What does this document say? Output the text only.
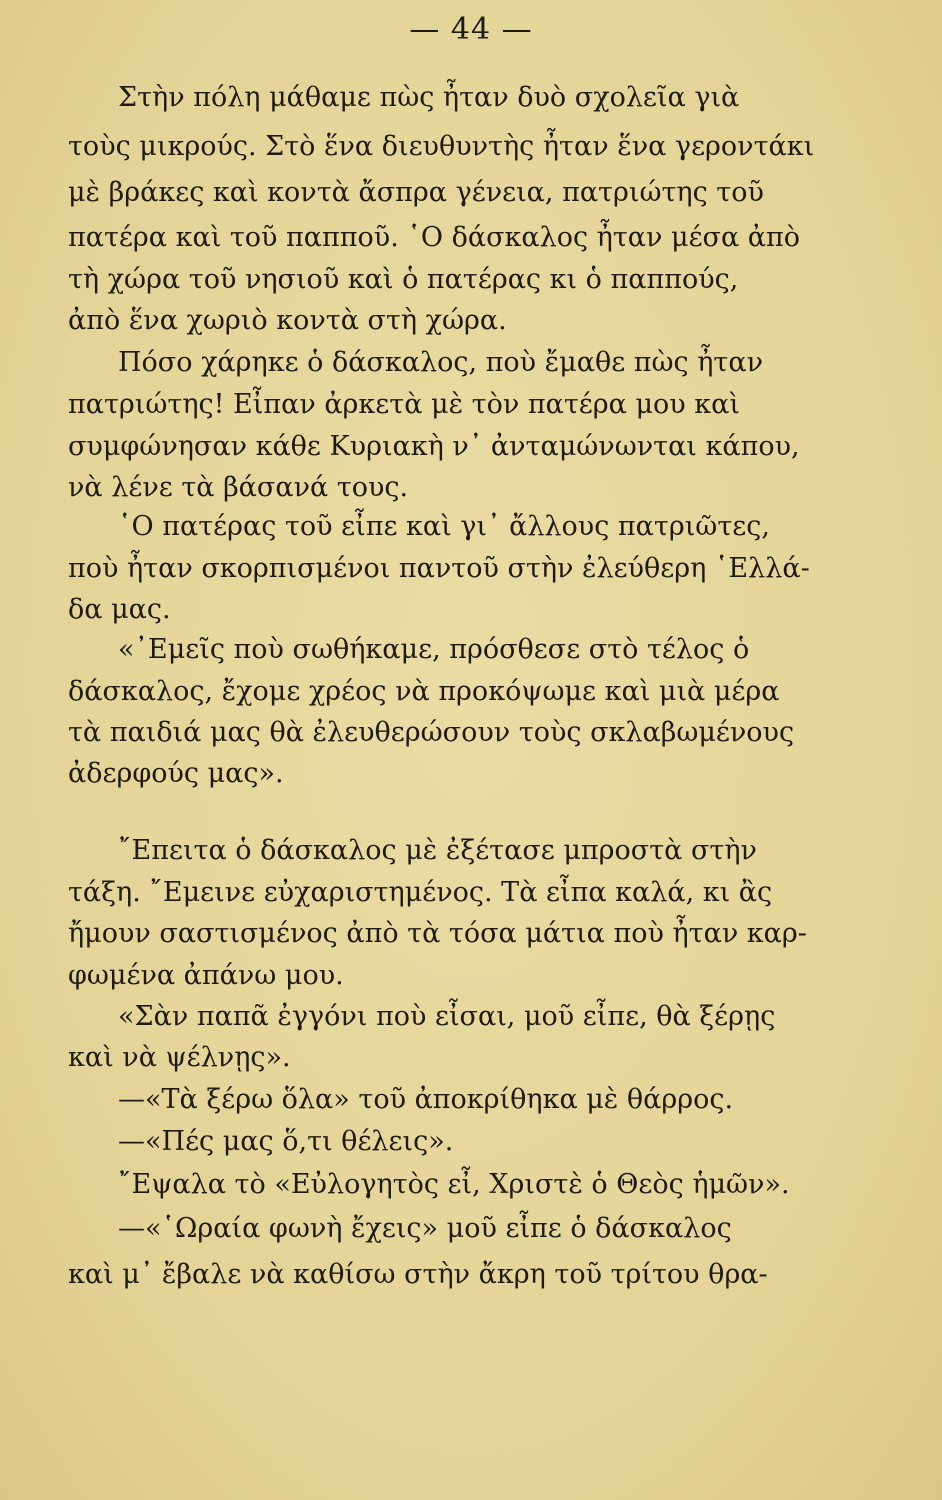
— 44 —

Στὴν πόλη μάθαμε πὼς ἦταν δυὸ σχολεῖα γιὰ

τοὺς μικρούς. Στὸ ἕνα διευθυντὴς ἦταν ἕνα γεροντάκι

μὲ βράκες καὶ κοντὰ ἄσπρα γένεια, πατριώτης τοῦ

πατέρα καὶ τοῦ παπποῦ. ῾Ο δάσκαλος ἦταν μέσα ἀπὸ

τὴ χώρα τοῦ νησιοῦ καὶ ὁ πατέρας κι ὁ παππούς,

ἀπὸ ἕνα χωριὸ κοντὰ στὴ χώρα.

Πόσο χάρηκε ὁ δάσκαλος, ποὺ ἔμαθε πὼς ἦταν

πατριώτης! Εἶπαν ἀρκετὰ μὲ τὸν πατέρα μου καὶ

συμφώνησαν κάθε Κυριακὴ ν᾿ ἀνταμώνωνται κάπου,

νὰ λένε τὰ βάσανά τους.

῾Ο πατέρας τοῦ εἶπε καὶ γι᾿ ἄλλους πατριῶτες,

ποὺ ἦταν σκορπισμένοι παντοῦ στὴν ἐλεύθερη ῾Ελλά-

δα μας.

«᾿Εμεῖς ποὺ σωθήκαμε, πρόσθεσε στὸ τέλος ὁ

δάσκαλος, ἔχομε χρέος νὰ προκόψωμε καὶ μιὰ μέρα

τὰ παιδιά μας θὰ ἐλευθερώσουν τοὺς σκλαβωμένους

ἀδερφούς μας».

῎Επειτα ὁ δάσκαλος μὲ ἐξέτασε μπροστὰ στὴν

τάξη. ῎Εμεινε εὐχαριστημένος. Τὰ εἶπα καλά, κι ἂς

ἤμουν σαστισμένος ἀπὸ τὰ τόσα μάτια ποὺ ἦταν καρ-

φωμένα ἀπάνω μου.

«Σὰν παπᾶ ἐγγόνι ποὺ εἶσαι, μοῦ εἶπε, θὰ ξέρῃς

καὶ νὰ ψέλνῃς».

—«Τὰ ξέρω ὅλα» τοῦ ἀποκρίθηκα μὲ θάρρος.

—«Πές μας ὅ,τι θέλεις».

῎Εψαλα τὸ «Εὐλογητὸς εἶ, Χριστὲ ὁ Θεὸς ἡμῶν».

—«῾Ωραία φωνὴ ἔχεις» μοῦ εἶπε ὁ δάσκαλος

καὶ μ᾿ ἔβαλε νὰ καθίσω στὴν ἄκρη τοῦ τρίτου θρα-
